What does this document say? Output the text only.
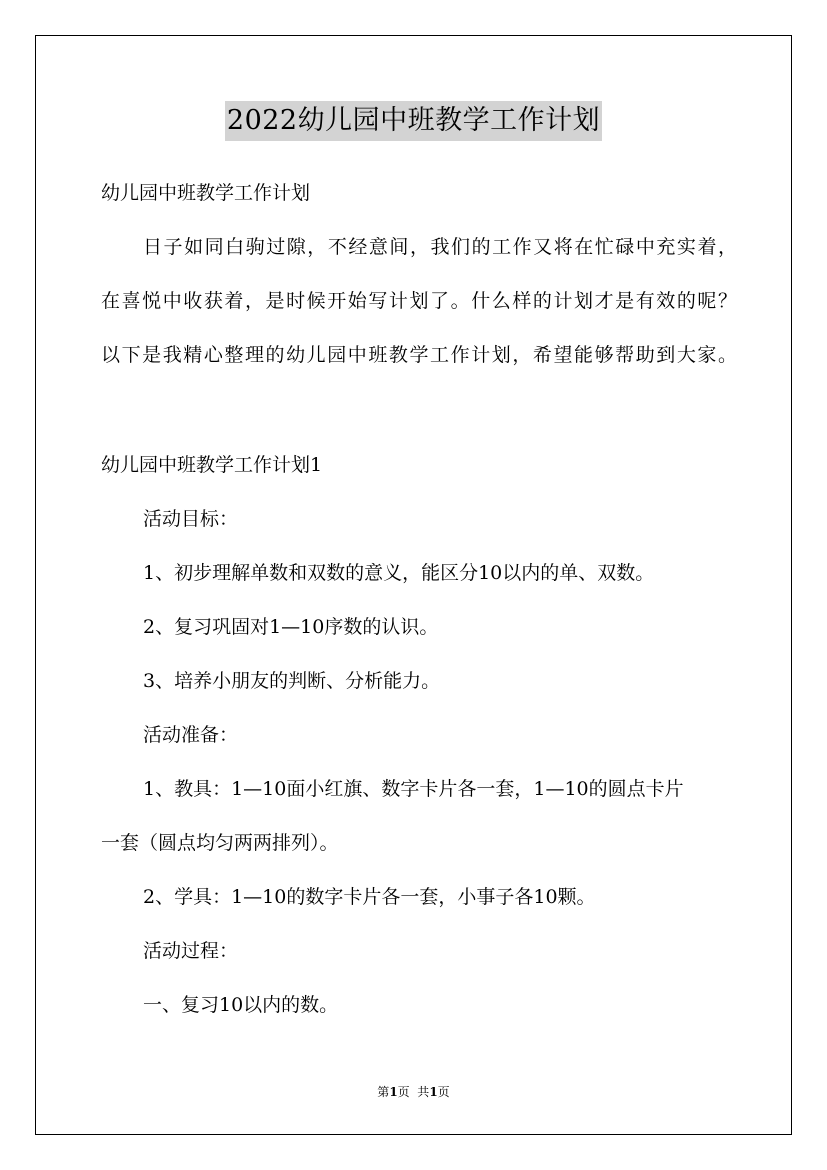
2022幼儿园中班教学工作计划
幼儿园中班教学工作计划
日子如同白驹过隙，不经意间，我们的工作又将在忙碌中充实着，
在喜悦中收获着，是时候开始写计划了。什么样的计划才是有效的呢？
以下是我精心整理的幼儿园中班教学工作计划，希望能够帮助到大家。
幼儿园中班教学工作计划1
活动目标：
1、初步理解单数和双数的意义，能区分10以内的单、双数。
2、复习巩固对1—10序数的认识。
3、培养小朋友的判断、分析能力。
活动准备：
1、教具：1—10面小红旗、数字卡片各一套，1—10的圆点卡片
一套（圆点均匀两两排列）。
2、学具：1—10的数字卡片各一套，小事子各10颗。
活动过程：
一、复习10以内的数。
第1页  共1页
